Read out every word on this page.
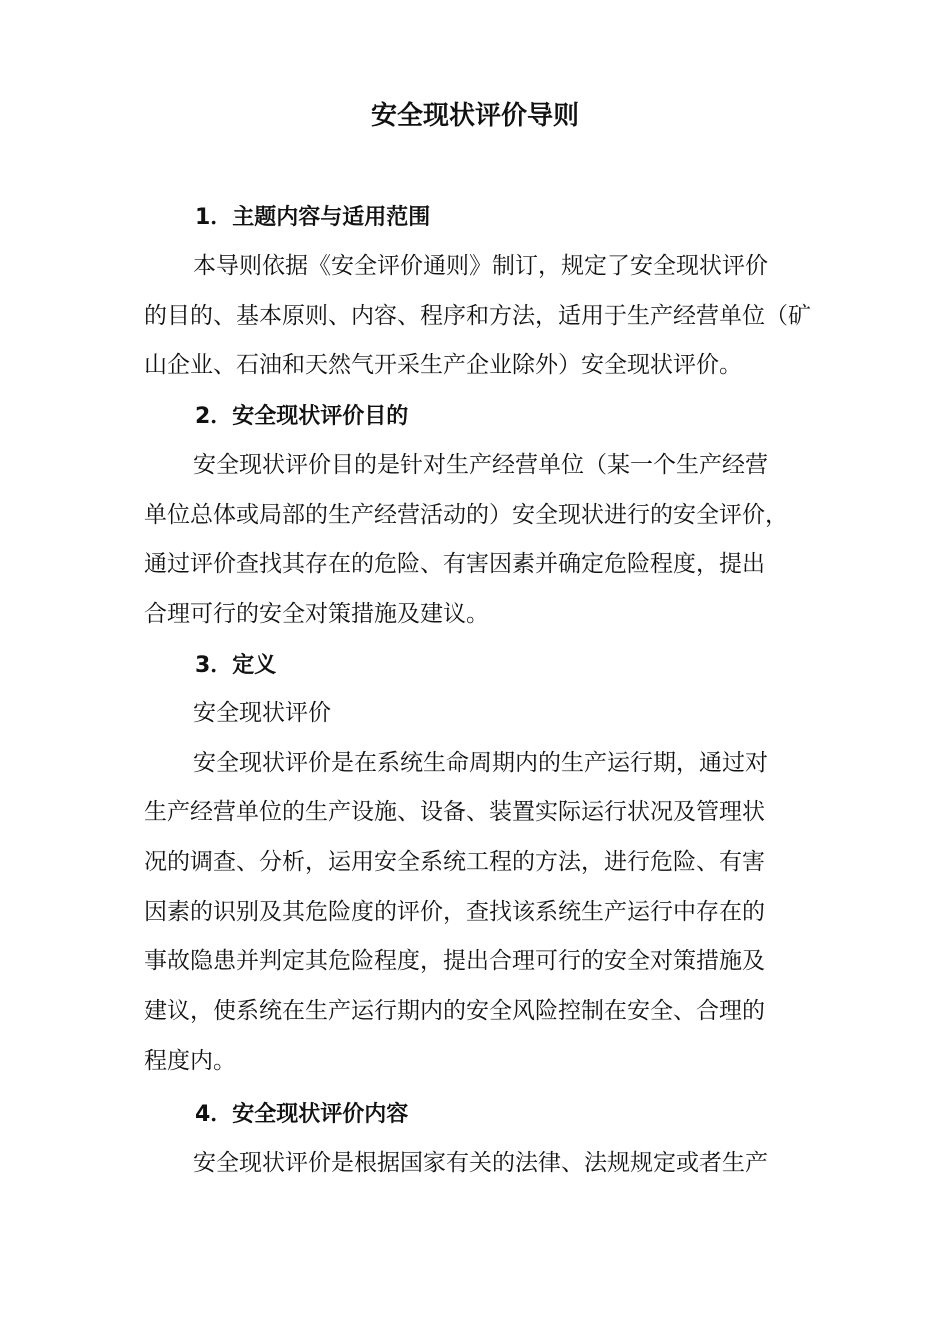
安全现状评价导则
1．主题内容与适用范围
本导则依据《安全评价通则》制订，规定了安全现状评价
的目的、基本原则、内容、程序和方法，适用于生产经营单位（矿
山企业、石油和天然气开采生产企业除外）安全现状评价。
2．安全现状评价目的
安全现状评价目的是针对生产经营单位（某一个生产经营
单位总体或局部的生产经营活动的）安全现状进行的安全评价，
通过评价查找其存在的危险、有害因素并确定危险程度，提出
合理可行的安全对策措施及建议。
3．定义
安全现状评价
安全现状评价是在系统生命周期内的生产运行期，通过对
生产经营单位的生产设施、设备、装置实际运行状况及管理状
况的调查、分析，运用安全系统工程的方法，进行危险、有害
因素的识别及其危险度的评价，查找该系统生产运行中存在的
事故隐患并判定其危险程度，提出合理可行的安全对策措施及
建议，使系统在生产运行期内的安全风险控制在安全、合理的
程度内。
4．安全现状评价内容
安全现状评价是根据国家有关的法律、法规规定或者生产
